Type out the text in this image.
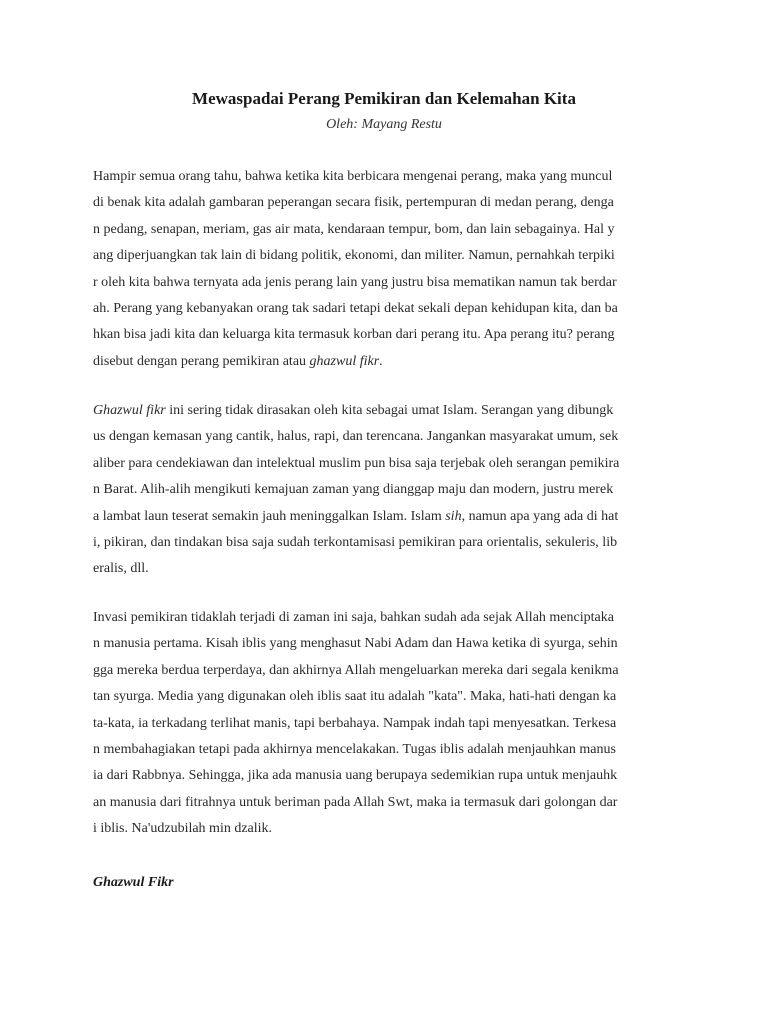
Mewaspadai Perang Pemikiran dan Kelemahan Kita
Oleh: Mayang Restu
Hampir semua orang tahu, bahwa ketika kita berbicara mengenai perang, maka yang muncul
di benak kita adalah gambaran peperangan secara fisik, pertempuran di medan perang, denga
n pedang, senapan, meriam, gas air mata, kendaraan tempur, bom, dan lain sebagainya. Hal y
ang diperjuangkan tak lain di bidang politik, ekonomi, dan militer. Namun, pernahkah terpiki
r oleh kita bahwa ternyata ada jenis perang lain yang justru bisa mematikan namun tak berdar
ah. Perang yang kebanyakan orang tak sadari tetapi dekat sekali depan kehidupan kita, dan ba
hkan bisa jadi kita dan keluarga kita termasuk korban dari perang itu. Apa perang itu? perang
disebut dengan perang pemikiran atau ghazwul fikr.
Ghazwul fikr ini sering tidak dirasakan oleh kita sebagai umat Islam. Serangan yang dibungk
us dengan kemasan yang cantik, halus, rapi, dan terencana. Jangankan masyarakat umum, sek
aliber para cendekiawan dan intelektual muslim pun bisa saja terjebak oleh serangan pemikira
n Barat. Alih-alih mengikuti kemajuan zaman yang dianggap maju dan modern, justru merek
a lambat laun teserat semakin jauh meninggalkan Islam. Islam sih, namun apa yang ada di hat
i, pikiran, dan tindakan bisa saja sudah terkontamisasi pemikiran para orientalis, sekuleris, lib
eralis, dll.
Invasi pemikiran tidaklah terjadi di zaman ini saja, bahkan sudah ada sejak Allah menciptaka
n manusia pertama. Kisah iblis yang menghasut Nabi Adam dan Hawa ketika di syurga, sehin
gga mereka berdua terperdaya, dan akhirnya Allah mengeluarkan mereka dari segala kenikma
tan syurga. Media yang digunakan oleh iblis saat itu adalah "kata". Maka, hati-hati dengan ka
ta-kata, ia terkadang terlihat manis, tapi berbahaya. Nampak indah tapi menyesatkan. Terkesa
n membahagiakan tetapi pada akhirnya mencelakakan. Tugas iblis adalah menjauhkan manus
ia dari Rabbnya. Sehingga, jika ada manusia uang berupaya sedemikian rupa untuk menjauhk
an manusia dari fitrahnya untuk beriman pada Allah Swt, maka ia termasuk dari golongan dar
i iblis. Na'udzubilah min dzalik.
Ghazwul Fikr
